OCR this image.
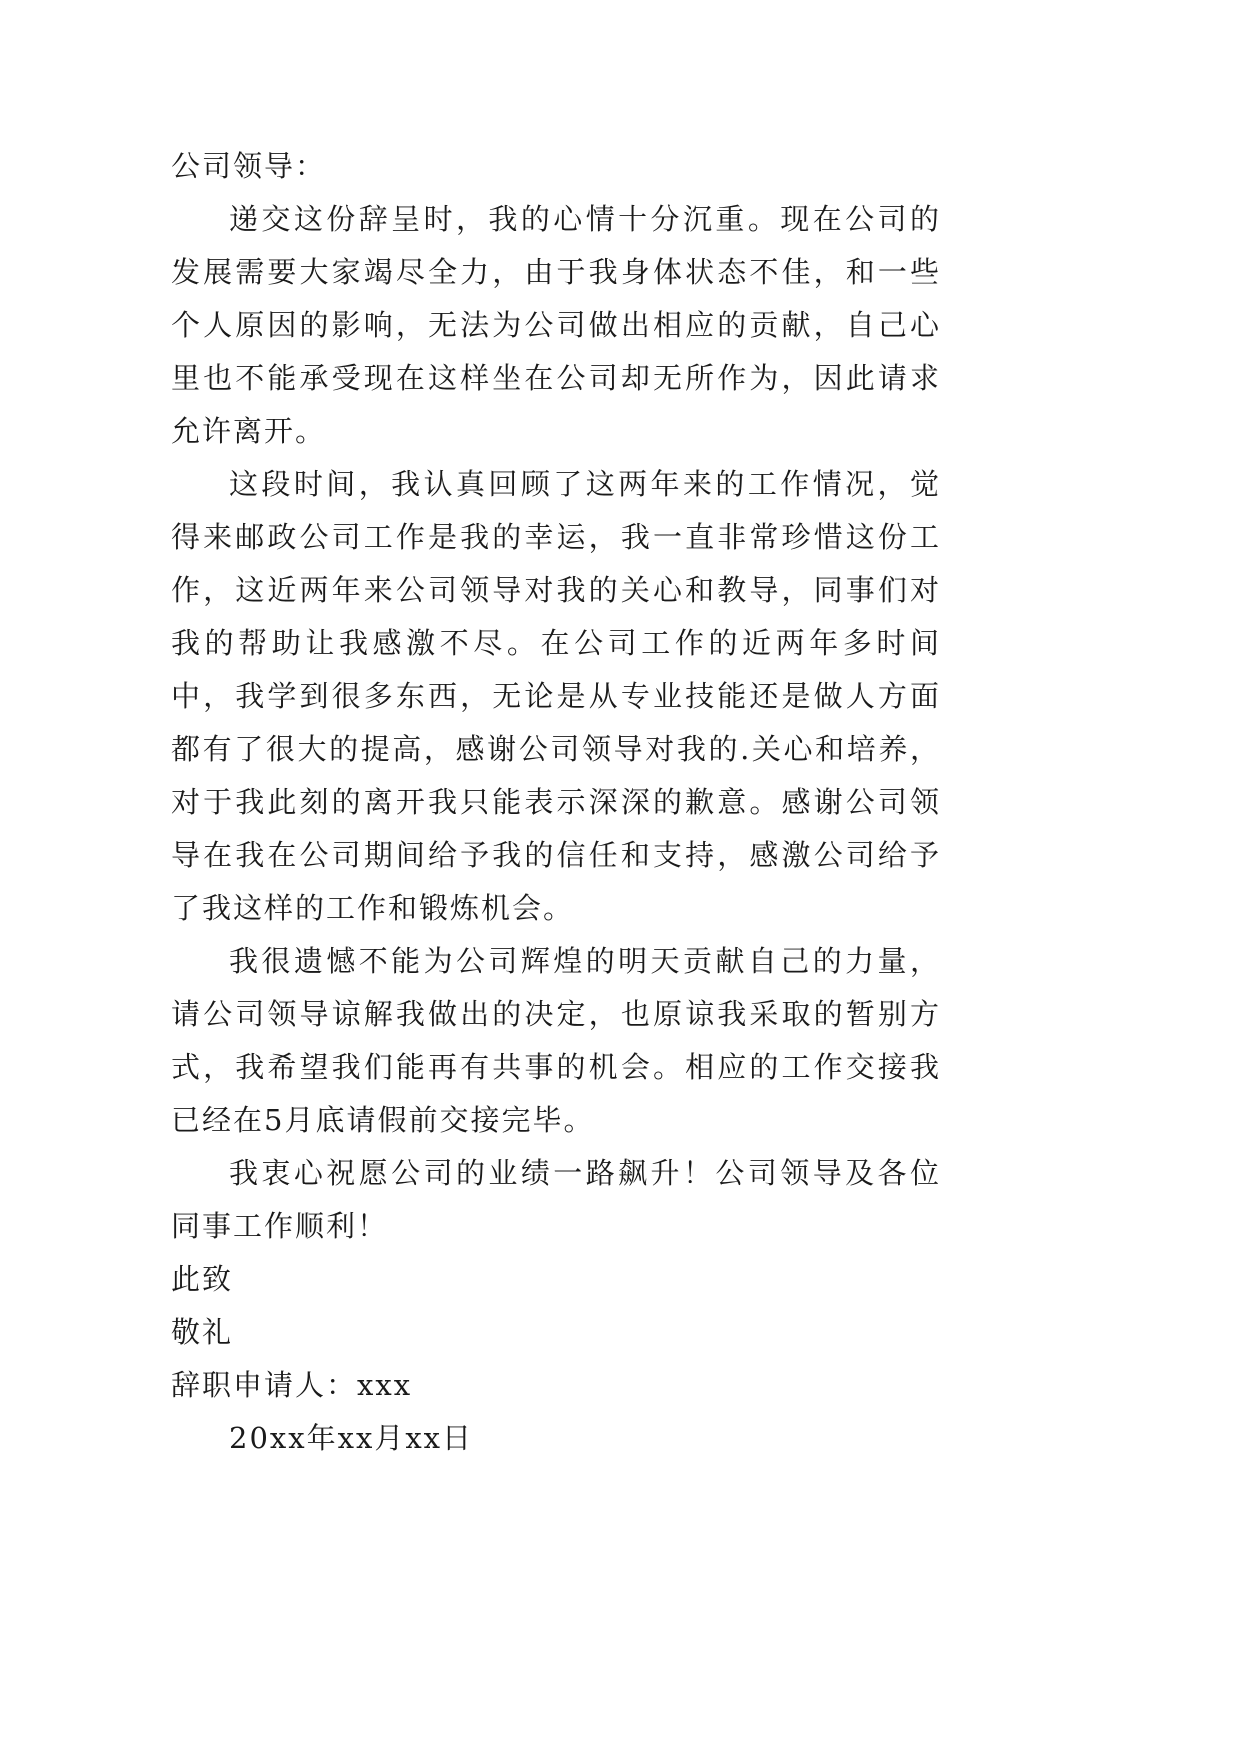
公司领导：

递交这份辞呈时，我的心情十分沉重。现在公司的发展需要大家竭尽全力，由于我身体状态不佳，和一些个人原因的影响，无法为公司做出相应的贡献，自己心里也不能承受现在这样坐在公司却无所作为，因此请求允许离开。

这段时间，我认真回顾了这两年来的工作情况，觉得来邮政公司工作是我的幸运，我一直非常珍惜这份工作，这近两年来公司领导对我的关心和教导，同事们对我的帮助让我感激不尽。在公司工作的近两年多时间中，我学到很多东西，无论是从专业技能还是做人方面都有了很大的提高，感谢公司领导对我的.关心和培养，对于我此刻的离开我只能表示深深的歉意。感谢公司领导在我在公司期间给予我的信任和支持，感激公司给予了我这样的工作和锻炼机会。

我很遗憾不能为公司辉煌的明天贡献自己的力量，请公司领导谅解我做出的决定，也原谅我采取的暂别方式，我希望我们能再有共事的机会。相应的工作交接我已经在5月底请假前交接完毕。

我衷心祝愿公司的业绩一路飙升！公司领导及各位同事工作顺利！

此致

敬礼

辞职申请人：xxx

20xx年xx月xx日
